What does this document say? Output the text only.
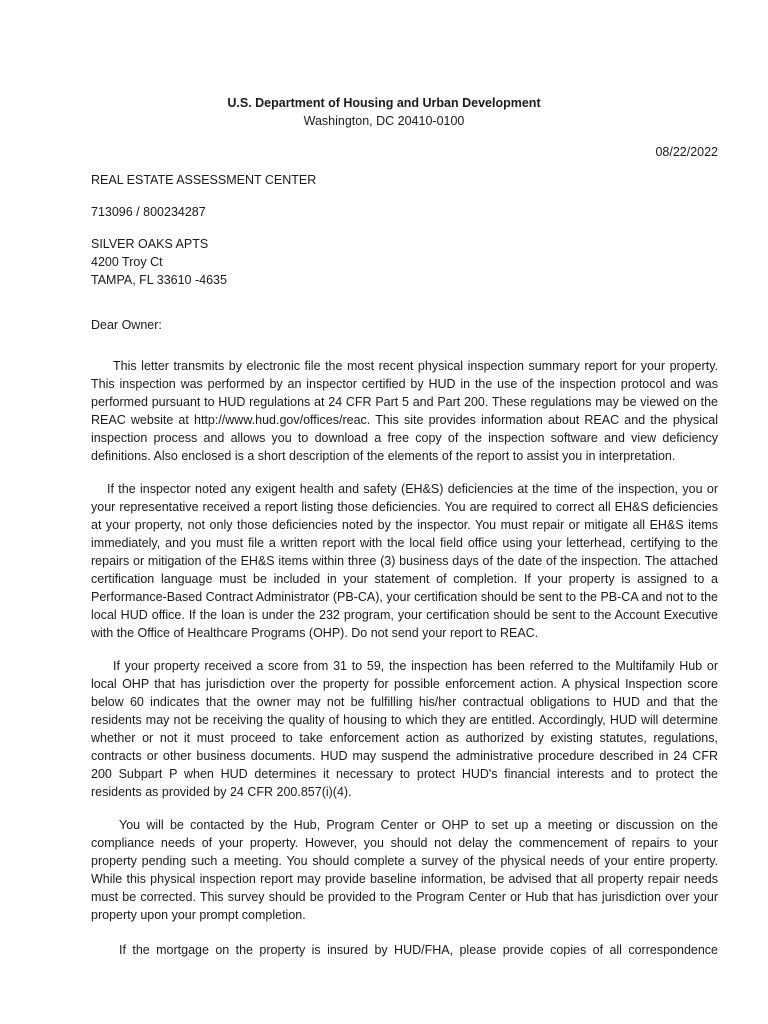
U.S. Department of Housing and Urban Development
Washington, DC 20410-0100
08/22/2022
REAL ESTATE ASSESSMENT CENTER
713096 / 800234287
SILVER OAKS APTS
4200 Troy Ct
TAMPA, FL 33610 -4635
Dear Owner:

This letter transmits by electronic file the most recent physical inspection summary report for your property. This inspection was performed by an inspector certified by HUD in the use of the inspection protocol and was performed pursuant to HUD regulations at 24 CFR Part 5 and Part 200. These regulations may be viewed on the REAC website at http://www.hud.gov/offices/reac. This site provides information about REAC and the physical inspection process and allows you to download a free copy of the inspection software and view deficiency definitions. Also enclosed is a short description of the elements of the report to assist you in interpretation.

If the inspector noted any exigent health and safety (EH&S) deficiencies at the time of the inspection, you or your representative received a report listing those deficiencies. You are required to correct all EH&S deficiencies at your property, not only those deficiencies noted by the inspector. You must repair or mitigate all EH&S items immediately, and you must file a written report with the local field office using your letterhead, certifying to the repairs or mitigation of the EH&S items within three (3) business days of the date of the inspection. The attached certification language must be included in your statement of completion. If your property is assigned to a Performance-Based Contract Administrator (PB-CA), your certification should be sent to the PB-CA and not to the local HUD office. If the loan is under the 232 program, your certification should be sent to the Account Executive with the Office of Healthcare Programs (OHP). Do not send your report to REAC.

If your property received a score from 31 to 59, the inspection has been referred to the Multifamily Hub or local OHP that has jurisdiction over the property for possible enforcement action. A physical Inspection score below 60 indicates that the owner may not be fulfilling his/her contractual obligations to HUD and that the residents may not be receiving the quality of housing to which they are entitled. Accordingly, HUD will determine whether or not it must proceed to take enforcement action as authorized by existing statutes, regulations, contracts or other business documents. HUD may suspend the administrative procedure described in 24 CFR 200 Subpart P when HUD determines it necessary to protect HUD's financial interests and to protect the residents as provided by 24 CFR 200.857(i)(4).

You will be contacted by the Hub, Program Center or OHP to set up a meeting or discussion on the compliance needs of your property. However, you should not delay the commencement of repairs to your property pending such a meeting. You should complete a survey of the physical needs of your entire property. While this physical inspection report may provide baseline information, be advised that all property repair needs must be corrected. This survey should be provided to the Program Center or Hub that has jurisdiction over your property upon your prompt completion.

If the mortgage on the property is insured by HUD/FHA, please provide copies of all correspondence
